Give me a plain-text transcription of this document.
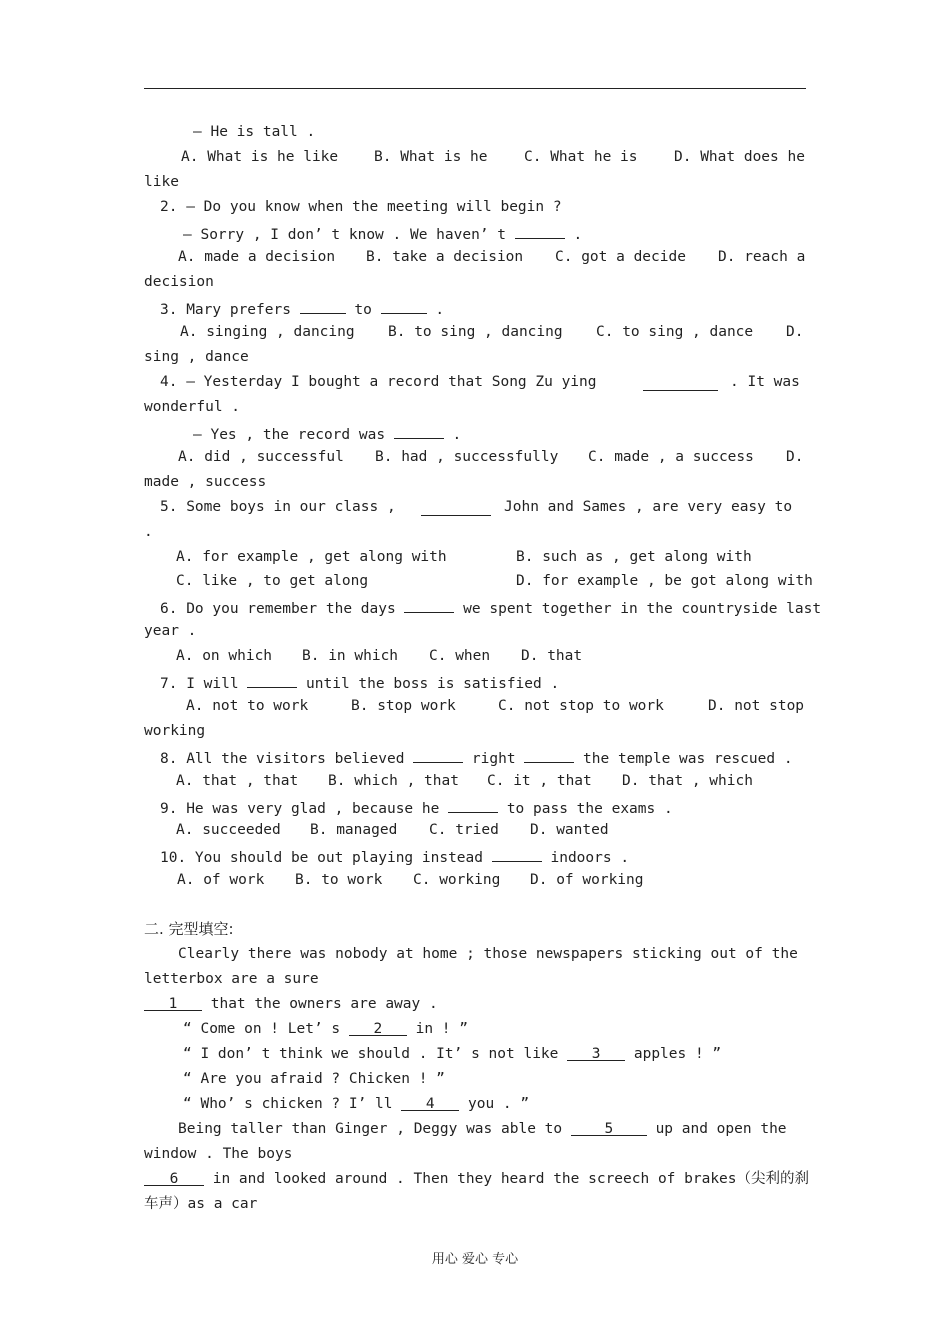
— He is tall .
A. What is he like B. What is he	C. What he is	D. What does he
like
2. — Do you know when the meeting will begin ?
— Sorry , I don’ t know . We haven’ t	.
A. made a decision B. take a decision C. got a decide D. reach a
decision
3. Mary prefers	to	.
A. singing , dancing B. to sing , dancing C. to sing , dance D.
sing , dance
4. — Yesterday I bought a record that Song Zu ying	. It was
wonderful .
— Yes , the record was	.
A. did , successful B. had , successfully C. made , a success D.
made , success
5. Some boys in our class ,	John and Sames , are very easy to
.
A. for example , get along with	B. such as , get along with
C. like , to get along	D. for example , be got along with
6. Do you remember the days	we spent together in the countryside last
year .
A. on which B. in which C. when D. that
7. I will	until the boss is satisfied .
A. not to work	B. stop work	C. not stop to work	D. not stop
working
8. All the visitors believed	right	the temple was rescued .
A. that , that B. which , that C. it , that D. that , which
9. He was very glad , because he	to pass the exams .
A. succeeded B. managed C. tried D. wanted
10. You should be out playing instead	indoors .
A. of work B. to work C. working D. of working
二. 完型填空:
Clearly there was nobody at home ; those newspapers sticking out of the
letterbox are a sure
1 that the owners are away .
“ Come on ! Let’ s 2 in ! ”
“ I don’ t think we should . It’ s not like 3 apples ! ”
“ Are you afraid ? Chicken ! ”
“ Who’ s chicken ? I’ ll 4 you . ”
Being taller than Ginger , Deggy was able to	5	up and open the
window . The boys
6 in and looked around . Then they heard the screech of brakes（尖利的刹
车声）as a car
用心 爱心 专心
